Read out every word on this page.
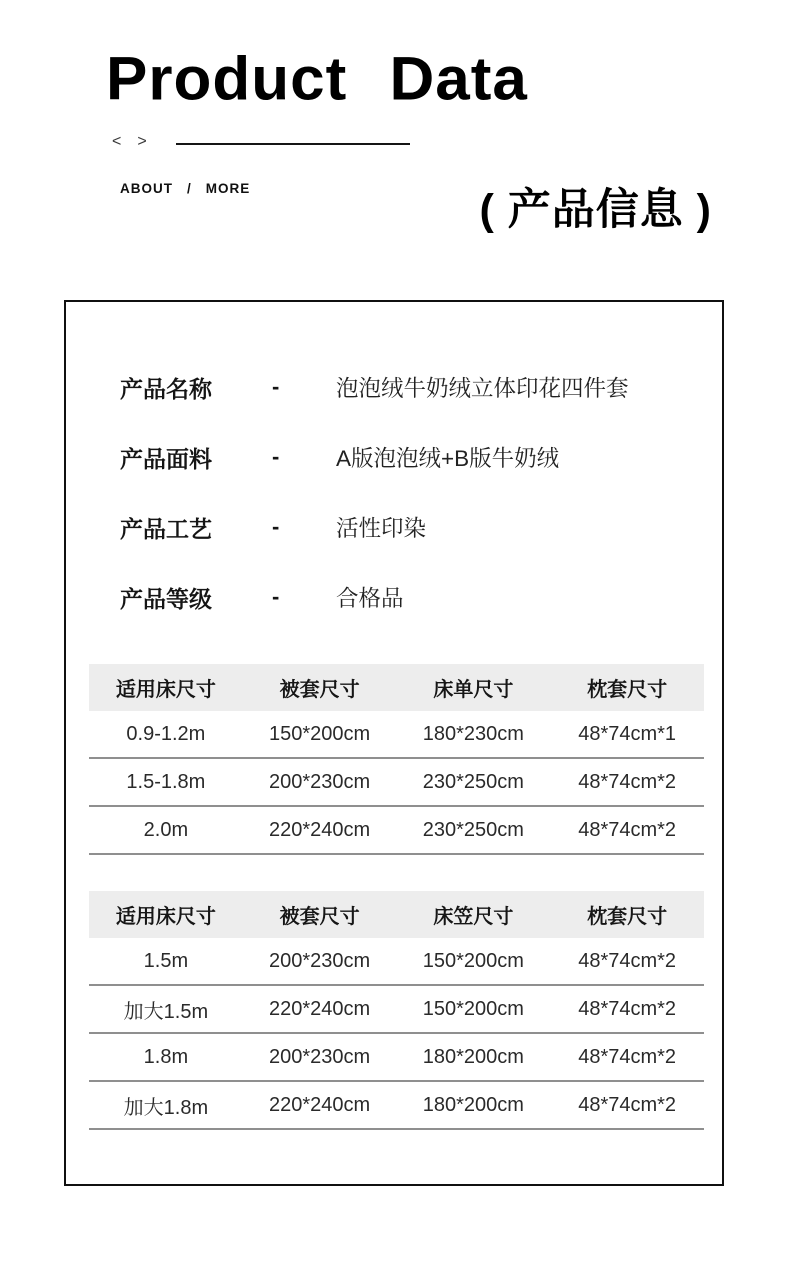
Product Data
< >
ABOUT / MORE	( 产品信息 )
产品名称	-	泡泡绒牛奶绒立体印花四件套
产品面料	-	A版泡泡绒+B版牛奶绒
产品工艺	-	活性印染
产品等级	-	合格品
适用床尺寸	被套尺寸	床单尺寸	枕套尺寸
0.9-1.2m	150*200cm	180*230cm	48*74cm*1
1.5-1.8m	200*230cm	230*250cm	48*74cm*2
2.0m	220*240cm	230*250cm	48*74cm*2
适用床尺寸	被套尺寸	床笠尺寸	枕套尺寸
1.5m	200*230cm	150*200cm	48*74cm*2
加大1.5m	220*240cm	150*200cm	48*74cm*2
1.8m	200*230cm	180*200cm	48*74cm*2
加大1.8m	220*240cm	180*200cm	48*74cm*2
